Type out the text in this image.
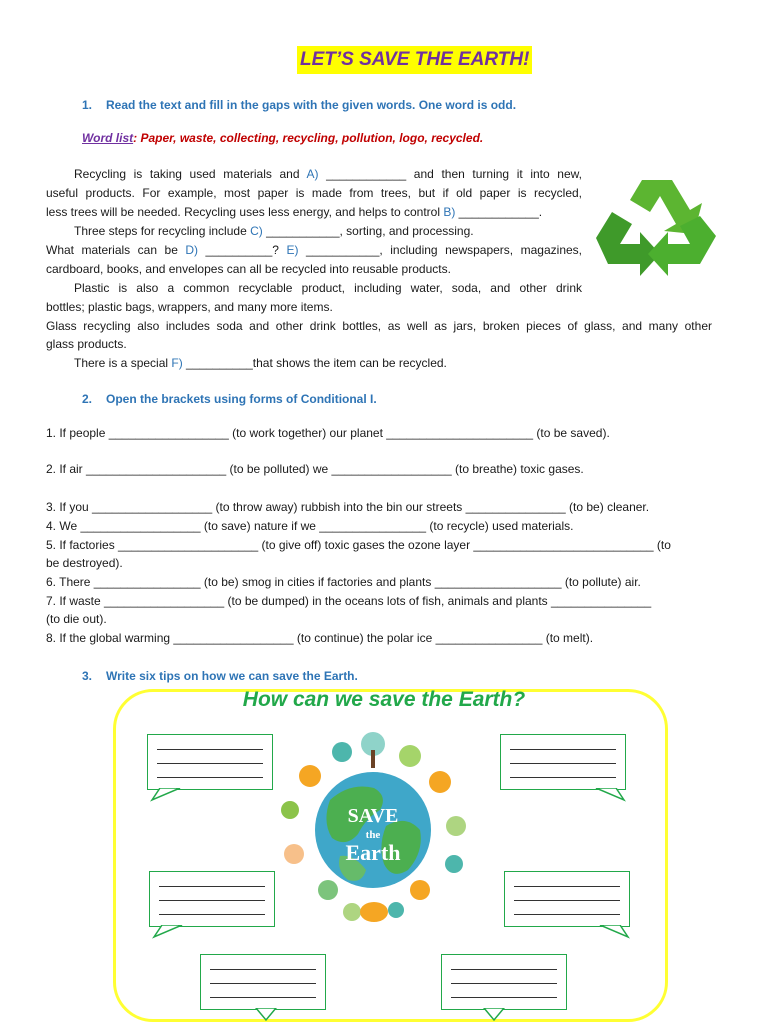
LET’S SAVE THE EARTH!
1. Read the text and fill in the gaps with the given words. One word is odd.
Word list: Paper, waste, collecting, recycling, pollution, logo, recycled.
Recycling is taking used materials and A) ____________ and then turning it into new,
useful products. For example, most paper is made from trees, but if old paper is recycled,
less trees will be needed. Recycling uses less energy, and helps to control B) ____________.
Three steps for recycling include C) ___________, sorting, and processing.
What materials can be D) __________? E) ___________, including newspapers, magazines,
cardboard, books, and envelopes can all be recycled into reusable products.
Plastic is also a common recyclable product, including water, soda, and other drink
bottles; plastic bags, wrappers, and many more items.
Glass recycling also includes soda and other drink bottles, as well as jars, broken pieces of glass, and many other
glass products.
There is a special F) __________that shows the item can be recycled.
2. Open the brackets using forms of Conditional I.
1. If people __________________ (to work together) our planet ______________________ (to be saved).
2. If air _____________________ (to be polluted) we __________________ (to breathe) toxic gases.
3. If you __________________ (to throw away) rubbish into the bin our streets _______________ (to be) cleaner.
4. We __________________ (to save) nature if we ________________ (to recycle) used materials.
5. If factories _____________________ (to give off) toxic gases the ozone layer ___________________________ (to
be destroyed).
6. There ________________ (to be) smog in cities if factories and plants ___________________ (to pollute) air.
7. If waste __________________ (to be dumped) in the oceans lots of fish, animals and plants _______________
(to die out).
8. If the global warming __________________ (to continue) the polar ice ________________ (to melt).
3. Write six tips on how we can save the Earth.
How can we save the Earth?
SAVE
the
Earth
